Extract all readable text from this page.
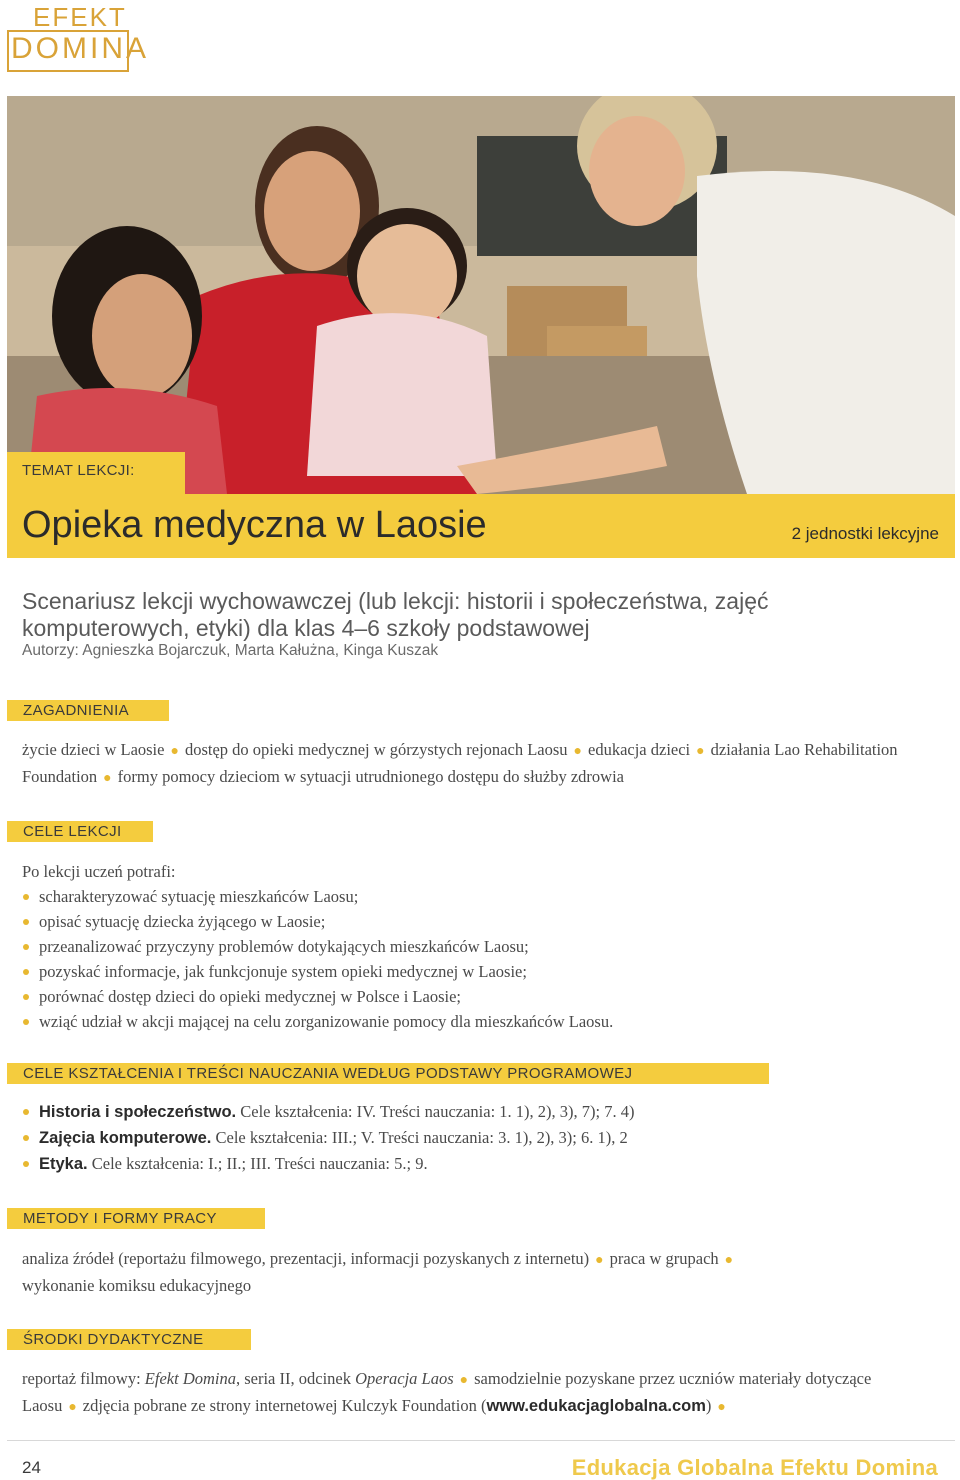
EFEKT
DOMINA
TEMAT LEKCJI:
Opieka medyczna w Laosie	2 jednostki lekcyjne
Scenariusz lekcji wychowawczej (lub lekcji: historii i społeczeństwa, zajęć komputerowych, etyki) dla klas 4–6 szkoły podstawowej
Autorzy: Agnieszka Bojarczuk, Marta Kałużna, Kinga Kuszak
ZAGADNIENIA
życie dzieci w Laosie ● dostęp do opieki medycznej w górzystych rejonach Laosu ● edukacja dzieci ● działania Lao Rehabilitation Foundation ● formy pomocy dzieciom w sytuacji utrudnionego dostępu do służby zdrowia
CELE LEKCJI
Po lekcji uczeń potrafi:
scharakteryzować sytuację mieszkańców Laosu;
opisać sytuację dziecka żyjącego w Laosie;
przeanalizować przyczyny problemów dotykających mieszkańców Laosu;
pozyskać informacje, jak funkcjonuje system opieki medycznej w Laosie;
porównać dostęp dzieci do opieki medycznej w Polsce i Laosie;
wziąć udział w akcji mającej na celu zorganizowanie pomocy dla mieszkańców Laosu.
CELE KSZTAŁCENIA I TREŚCI NAUCZANIA WEDŁUG PODSTAWY PROGRAMOWEJ
Historia i społeczeństwo. Cele kształcenia: IV. Treści nauczania: 1. 1), 2), 3), 7); 7. 4)
Zajęcia komputerowe. Cele kształcenia: III.; V. Treści nauczania: 3. 1), 2), 3); 6. 1), 2
Etyka. Cele kształcenia: I.; II.; III. Treści nauczania: 5.; 9.
METODY I FORMY PRACY
analiza źródeł (reportażu filmowego, prezentacji, informacji pozyskanych z internetu) ● praca w grupach ●
wykonanie komiksu edukacyjnego
ŚRODKI DYDAKTYCZNE
reportaż filmowy: Efekt Domina, seria II, odcinek Operacja Laos ● samodzielnie pozyskane przez uczniów materiały dotyczące Laosu ● zdjęcia pobrane ze strony internetowej Kulczyk Foundation (www.edukacjaglobalna.com) ●
24	Edukacja Globalna Efektu Domina
